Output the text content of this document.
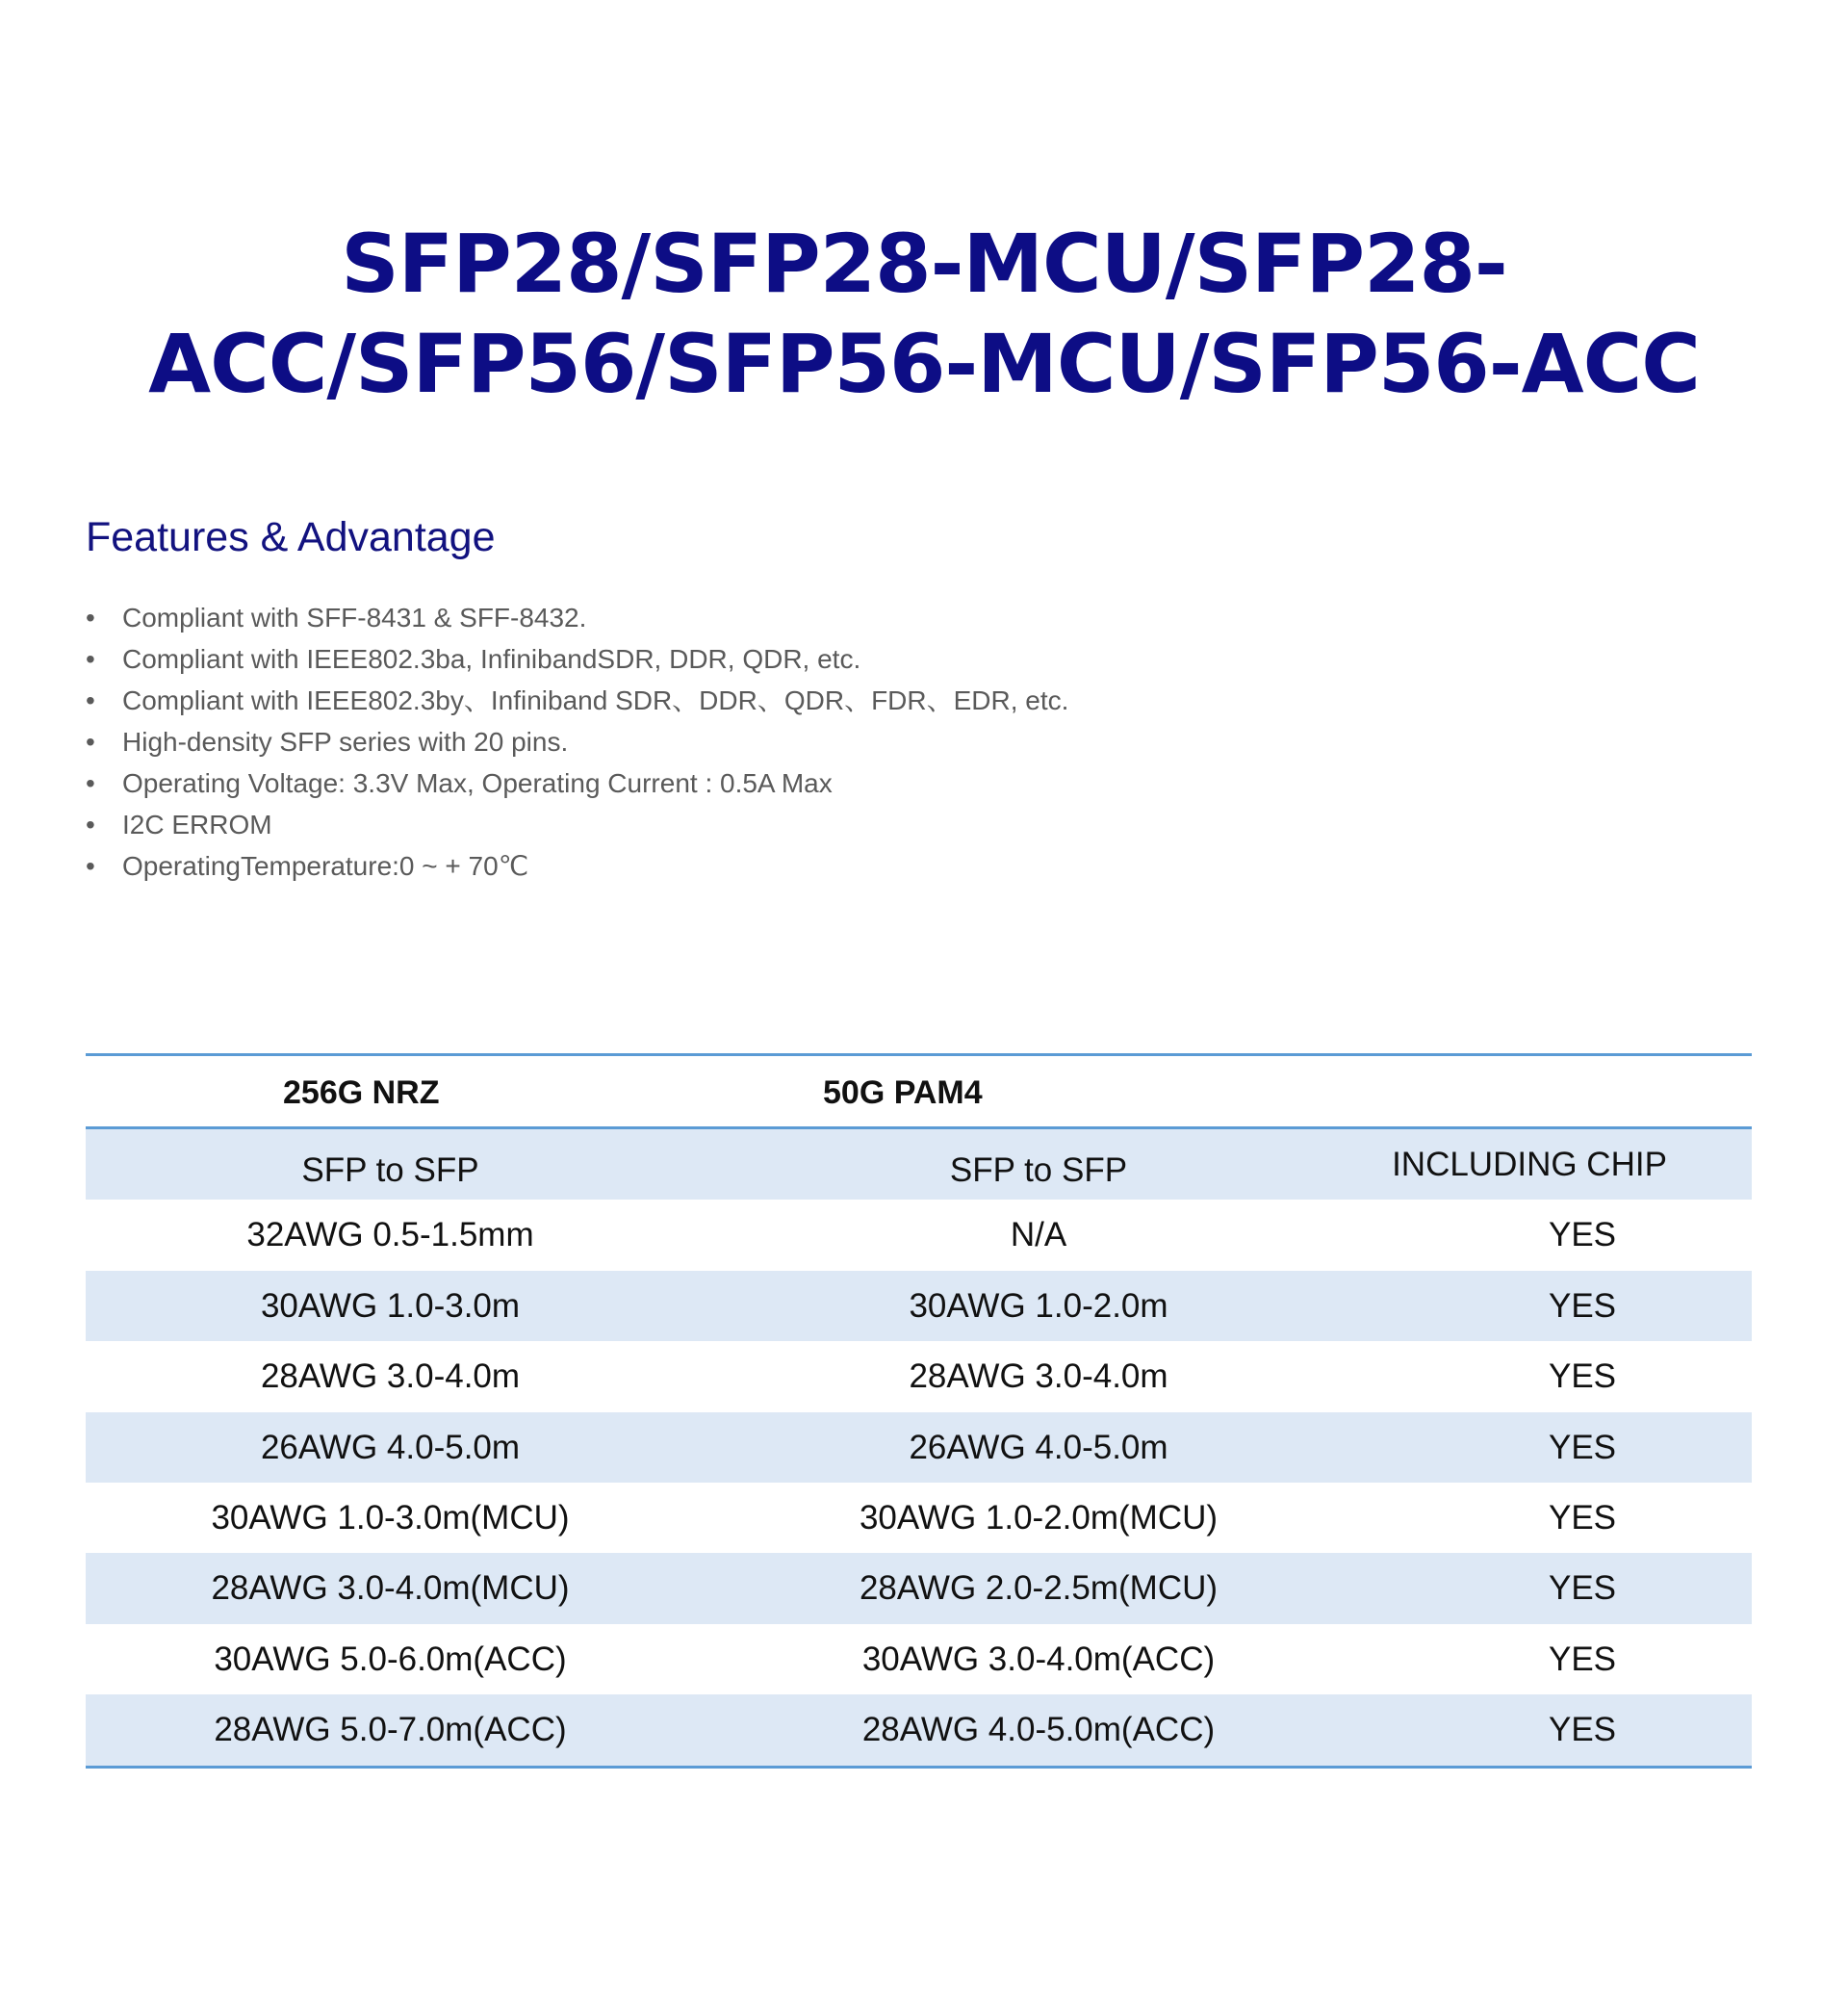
SFP28/SFP28-MCU/SFP28-
ACC/SFP56/SFP56-MCU/SFP56-ACC
Features & Advantage
• Compliant with SFF-8431 & SFF-8432.
• Compliant with IEEE802.3ba, InfinibandSDR, DDR, QDR, etc.
• Compliant with IEEE802.3by、Infiniband SDR、DDR、QDR、FDR、EDR, etc.
• High-density SFP series with 20 pins.
• Operating Voltage: 3.3V Max, Operating Current : 0.5A Max
• I2C ERROM
• OperatingTemperature:0 ~ + 70℃
256G NRZ	50G PAM4
SFP to SFP	SFP to SFP	INCLUDING CHIP
32AWG 0.5-1.5mm	N/A	YES
30AWG 1.0-3.0m	30AWG 1.0-2.0m	YES
28AWG 3.0-4.0m	28AWG 3.0-4.0m	YES
26AWG 4.0-5.0m	26AWG 4.0-5.0m	YES
30AWG 1.0-3.0m(MCU)	30AWG 1.0-2.0m(MCU)	YES
28AWG 3.0-4.0m(MCU)	28AWG 2.0-2.5m(MCU)	YES
30AWG 5.0-6.0m(ACC)	30AWG 3.0-4.0m(ACC)	YES
28AWG 5.0-7.0m(ACC)	28AWG 4.0-5.0m(ACC)	YES
